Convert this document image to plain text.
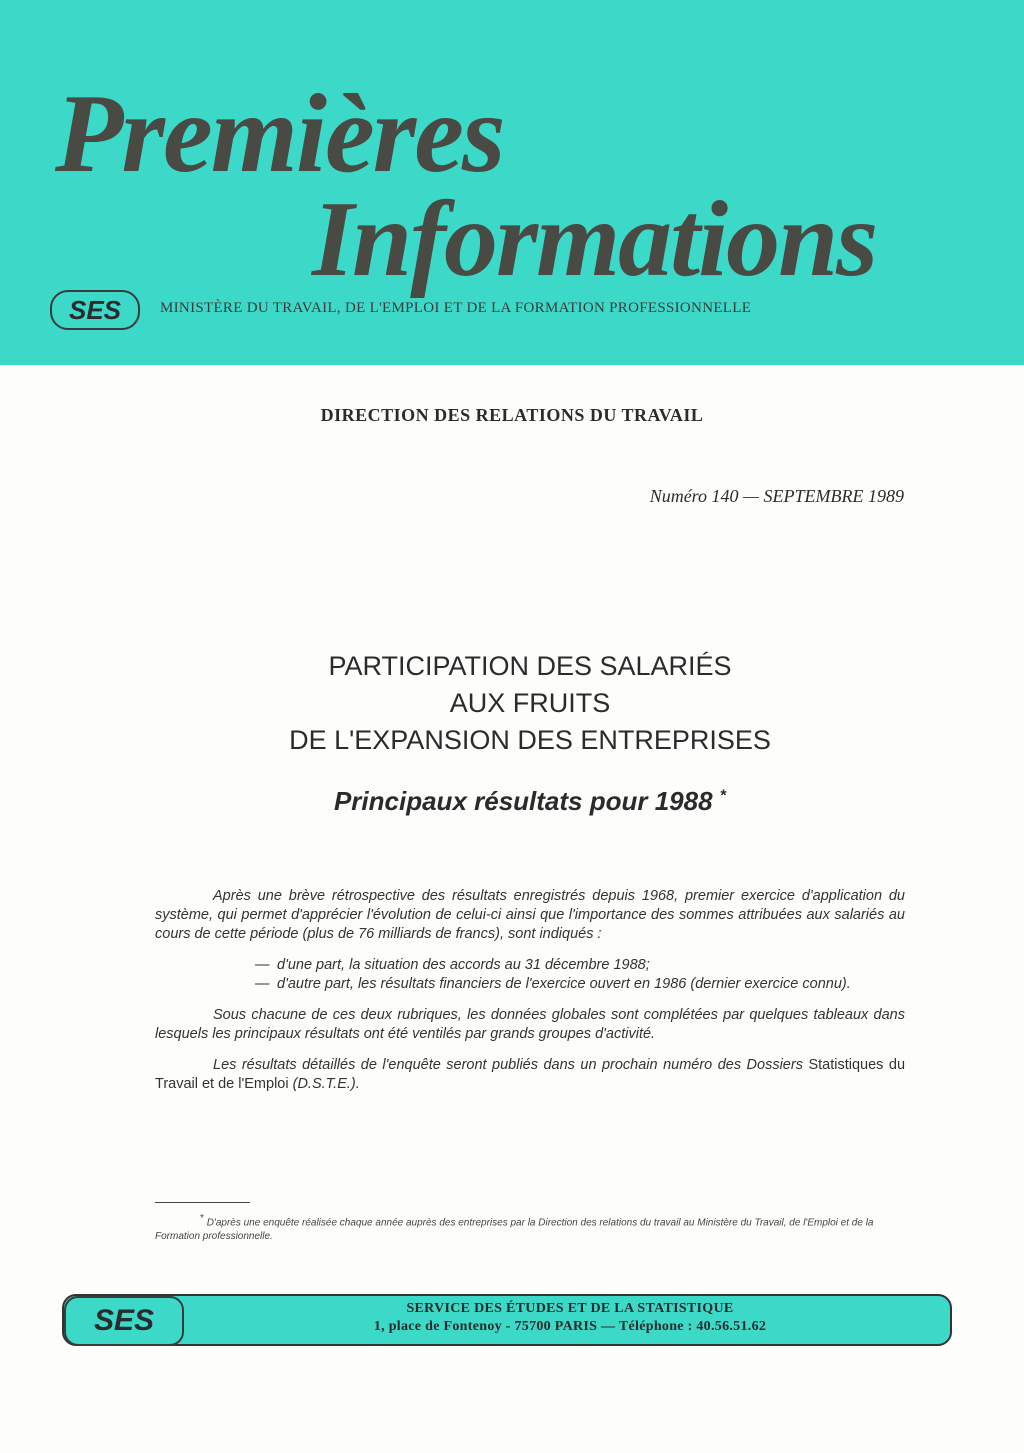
Premières
Informations
SES	MINISTÈRE DU TRAVAIL, DE L'EMPLOI ET DE LA FORMATION PROFESSIONNELLE
DIRECTION DES RELATIONS DU TRAVAIL
Numéro 140 — SEPTEMBRE 1989
PARTICIPATION DES SALARIÉS
AUX FRUITS
DE L'EXPANSION DES ENTREPRISES
Principaux résultats pour 1988 *

Après une brève rétrospective des résultats enregistrés depuis 1968, premier exercice d'application du système, qui permet d'apprécier l'évolution de celui-ci ainsi que l'importance des sommes attribuées aux salariés au cours de cette période (plus de 76 milliards de francs), sont indiqués :

— d'une part, la situation des accords au 31 décembre 1988;
— d'autre part, les résultats financiers de l'exercice ouvert en 1986 (dernier exercice connu).

Sous chacune de ces deux rubriques, les données globales sont complétées par quelques tableaux dans lesquels les principaux résultats ont été ventilés par grands groupes d'activité.

Les résultats détaillés de l'enquête seront publiés dans un prochain numéro des Dossiers Statistiques du Travail et de l'Emploi (D.S.T.E.).

* D'après une enquête réalisée chaque année auprès des entreprises par la Direction des relations du travail au Ministère du Travail, de l'Emploi et de la Formation professionnelle.
SES	SERVICE DES ÉTUDES ET DE LA STATISTIQUE
1, place de Fontenoy - 75700 PARIS — Téléphone : 40.56.51.62
